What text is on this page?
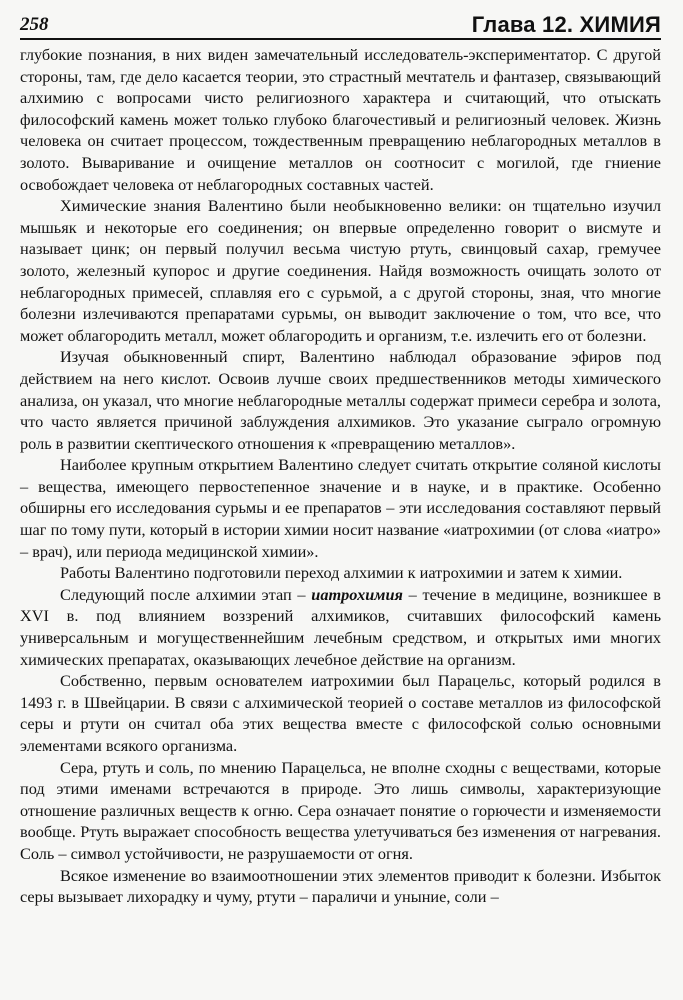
258	Глава 12. ХИМИЯ

глубокие познания, в них виден замечательный исследователь-экспериментатор. С другой стороны, там, где дело касается теории, это страстный мечтатель и фантазер, связывающий алхимию с вопросами чисто религиозного характера и считающий, что отыскать философский камень может только глубоко благочестивый и религиозный человек. Жизнь человека он считает процессом, тождественным превращению неблагородных металлов в золото. Вываривание и очищение металлов он соотносит с могилой, где гниение освобождает человека от неблагородных составных частей.

Химические знания Валентино были необыкновенно велики: он тщательно изучил мышьяк и некоторые его соединения; он впервые определенно говорит о висмуте и называет цинк; он первый получил весьма чистую ртуть, свинцовый сахар, гремучее золото, железный купорос и другие соединения. Найдя возможность очищать золото от неблагородных примесей, сплавляя его с сурьмой, а с другой стороны, зная, что многие болезни излечиваются препаратами сурьмы, он выводит заключение о том, что все, что может облагородить металл, может облагородить и организм, т.е. излечить его от болезни.

Изучая обыкновенный спирт, Валентино наблюдал образование эфиров под действием на него кислот. Освоив лучше своих предшественников методы химического анализа, он указал, что многие неблагородные металлы содержат примеси серебра и золота, что часто является причиной заблуждения алхимиков. Это указание сыграло огромную роль в развитии скептического отношения к «превращению металлов».

Наиболее крупным открытием Валентино следует считать открытие соляной кислоты – вещества, имеющего первостепенное значение и в науке, и в практике. Особенно обширны его исследования сурьмы и ее препаратов – эти исследования составляют первый шаг по тому пути, который в истории химии носит название «иатрохимии (от слова «иатро» – врач), или периода медицинской химии».

Работы Валентино подготовили переход алхимии к иатрохимии и затем к химии.

Следующий после алхимии этап – иатрохимия – течение в медицине, возникшее в XVI в. под влиянием воззрений алхимиков, считавших философский камень универсальным и могущественнейшим лечебным средством, и открытых ими многих химических препаратах, оказывающих лечебное действие на организм.

Собственно, первым основателем иатрохимии был Парацельс, который родился в 1493 г. в Швейцарии. В связи с алхимической теорией о составе металлов из философской серы и ртути он считал оба этих вещества вместе с философской солью основными элементами всякого организма.

Сера, ртуть и соль, по мнению Парацельса, не вполне сходны с веществами, которые под этими именами встречаются в природе. Это лишь символы, характеризующие отношение различных веществ к огню. Сера означает понятие о горючести и изменяемости вообще. Ртуть выражает способность вещества улетучиваться без изменения от нагревания. Соль – символ устойчивости, не разрушаемости от огня.

Всякое изменение во взаимоотношении этих элементов приводит к болезни. Избыток серы вызывает лихорадку и чуму, ртути – параличи и уныние, соли –
